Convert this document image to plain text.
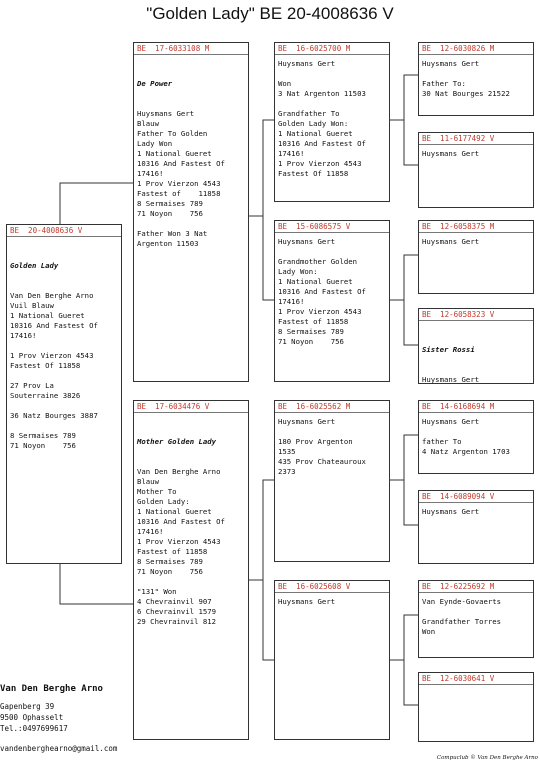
"Golden Lady" BE 20-4008636 V
BE  20-4008636 V

Golden Lady

Van Den Berghe Arno
Vuil Blauw
1 National Gueret
10316 And Fastest Of
17416!

1 Prov Vierzon 4543
Fastest Of 11858

27 Prov La
Souterraine 3826

36 Natz Bourges 3887

8 Sermaises 789
71 Noyon    756

BE  17-6033108 M

De Power

Huysmans Gert
Blauw
Father To Golden
Lady Won
1 National Gueret
10316 And Fastest Of
17416!
1 Prov Vierzon 4543
Fastest of    11858
8 Sermaises 789
71 Noyon    756

Father Won 3 Nat
Argenton 11503

BE  17-6034476 V

Mother Golden Lady

Van Den Berghe Arno
Blauw
Mother To
Golden Lady:
1 National Gueret
10316 And Fastest Of
17416!
1 Prov Vierzon 4543
Fastest of 11858
8 Sermaises 789
71 Noyon    756

"131" Won
4 Chevrainvil 907
6 Chevrainvil 1579
29 Chevrainvil 812

BE  16-6025700 M
Huysmans Gert

Won
3 Nat Argenton 11503

Grandfather To
Golden Lady Won:
1 National Gueret
10316 And Fastest Of
17416!
1 Prov Vierzon 4543
Fastest Of 11858
BE  15-6086575 V
Huysmans Gert

Grandmother Golden
Lady Won:
1 National Gueret
10316 And Fastest Of
17416!
1 Prov Vierzon 4543
Fastest of 11858
8 Sermaises 789
71 Noyon    756
BE  16-6025562 M
Huysmans Gert

180 Prov Argenton
1535
435 Prov Chateauroux
2373
BE  16-6025608 V
Huysmans Gert
BE  12-6030826 M
Huysmans Gert

Father To:
30 Nat Bourges 21522
BE  11-6177492 V
Huysmans Gert
BE  12-6058375 M
Huysmans Gert
BE  12-6058323 V

Sister Rossi

Huysmans Gert

BE  14-6168694 M
Huysmans Gert

father To
4 Natz Argenton 1703
BE  14-6089094 V
Huysmans Gert
BE  12-6225692 M
Van Eynde-Govaerts

Grandfather Torres
Won
BE  12-6030641 V
Van Den Berghe Arno
Gapenberg 39
9500 Ophasselt
Tel.:0497699617
vandenberghearno@gmail.com
Compuclub © Van Den Berghe Arno
